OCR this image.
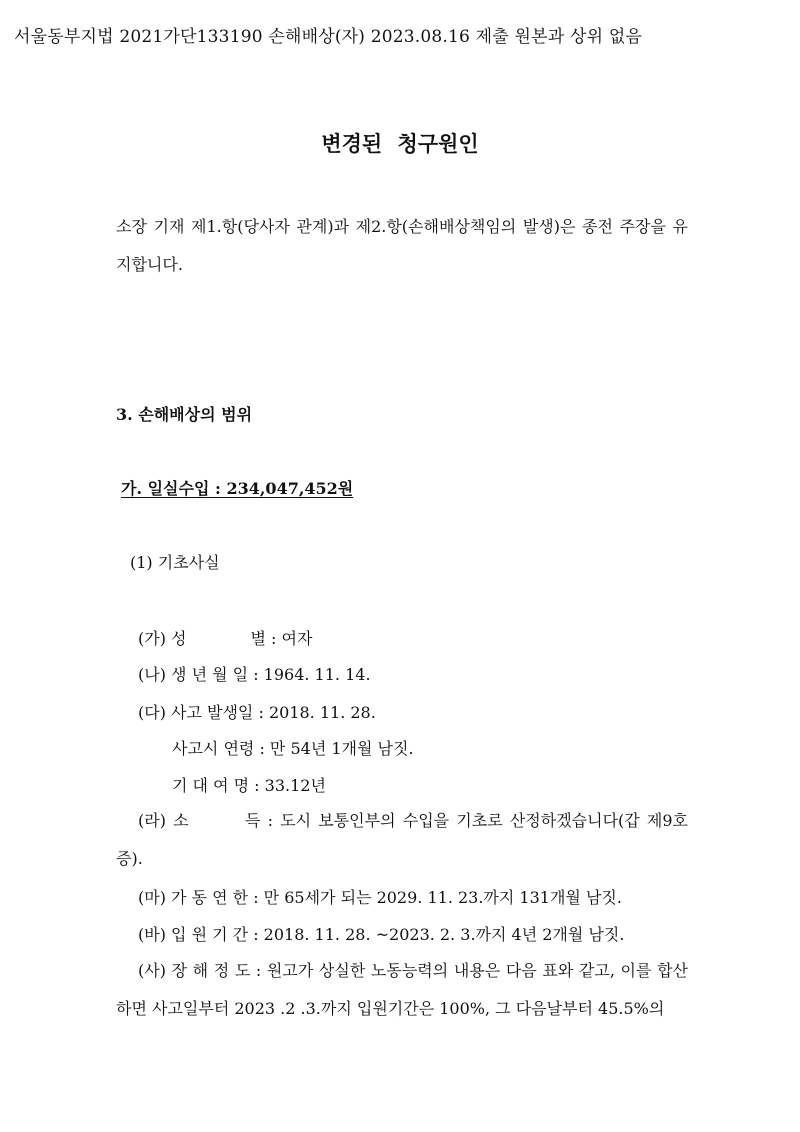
서울동부지법 2021가단133190 손해배상(자) 2023.08.16 제출 원본과 상위 없음
변경된 청구원인
소장 기재 제1.항(당사자 관계)과 제2.항(손해배상책임의 발생)은 종전 주장을 유지합니다.
3. 손해배상의 범위
가. 일실수입 : 234,047,452원
(1) 기초사실
(가) 성　　　　별 : 여자
(나) 생 년 월 일 : 1964. 11. 14.
(다) 사고 발생일 : 2018. 11. 28.
사고시 연령 : 만 54년 1개월 남짓.
기 대 여 명 : 33.12년
(라) 소　　　득 : 도시 보통인부의 수입을 기초로 산정하겠습니다(갑 제9호증).
(마) 가 동 연 한 : 만 65세가 되는 2029. 11. 23.까지 131개월 남짓.
(바) 입 원 기 간 : 2018. 11. 28. ~2023. 2. 3.까지 4년 2개월 남짓.
(사) 장 해 정 도 : 원고가 상실한 노동능력의 내용은 다음 표와 같고, 이를 합산하면 사고일부터 2023 .2 .3.까지 입원기간은 100%, 그 다음날부터 45.5%의
